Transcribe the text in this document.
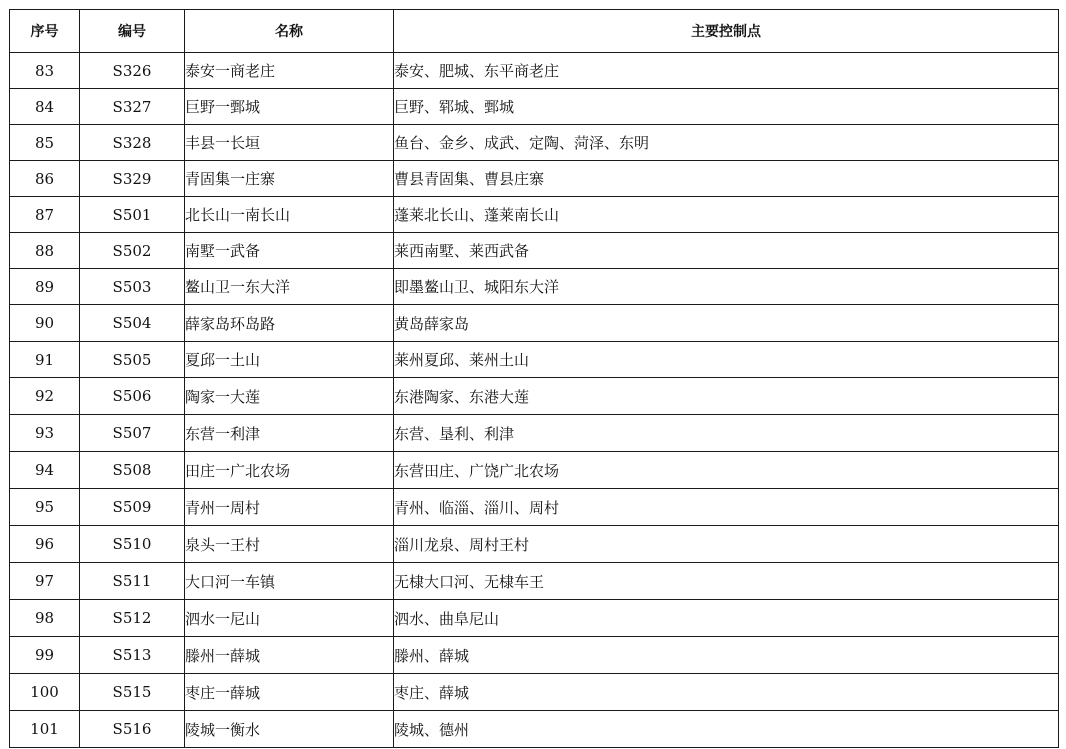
序号	编号	名称	主要控制点
83	S326	泰安一商老庄	泰安、肥城、东平商老庄
84	S327	巨野一鄄城	巨野、郓城、鄄城
85	S328	丰县一长垣	鱼台、金乡、成武、定陶、菏泽、东明
86	S329	青固集一庄寨	曹县青固集、曹县庄寨
87	S501	北长山一南长山	蓬莱北长山、蓬莱南长山
88	S502	南墅一武备	莱西南墅、莱西武备
89	S503	鳌山卫一东大洋	即墨鳌山卫、城阳东大洋
90	S504	薛家岛环岛路	黄岛薛家岛
91	S505	夏邱一土山	莱州夏邱、莱州土山
92	S506	陶家一大莲	东港陶家、东港大莲
93	S507	东营一利津	东营、垦利、利津
94	S508	田庄一广北农场	东营田庄、广饶广北农场
95	S509	青州一周村	青州、临淄、淄川、周村
96	S510	泉头一王村	淄川龙泉、周村王村
97	S511	大口河一车镇	无棣大口河、无棣车王
98	S512	泗水一尼山	泗水、曲阜尼山
99	S513	滕州一薛城	滕州、薛城
100	S515	枣庄一薛城	枣庄、薛城
101	S516	陵城一衡水	陵城、德州
